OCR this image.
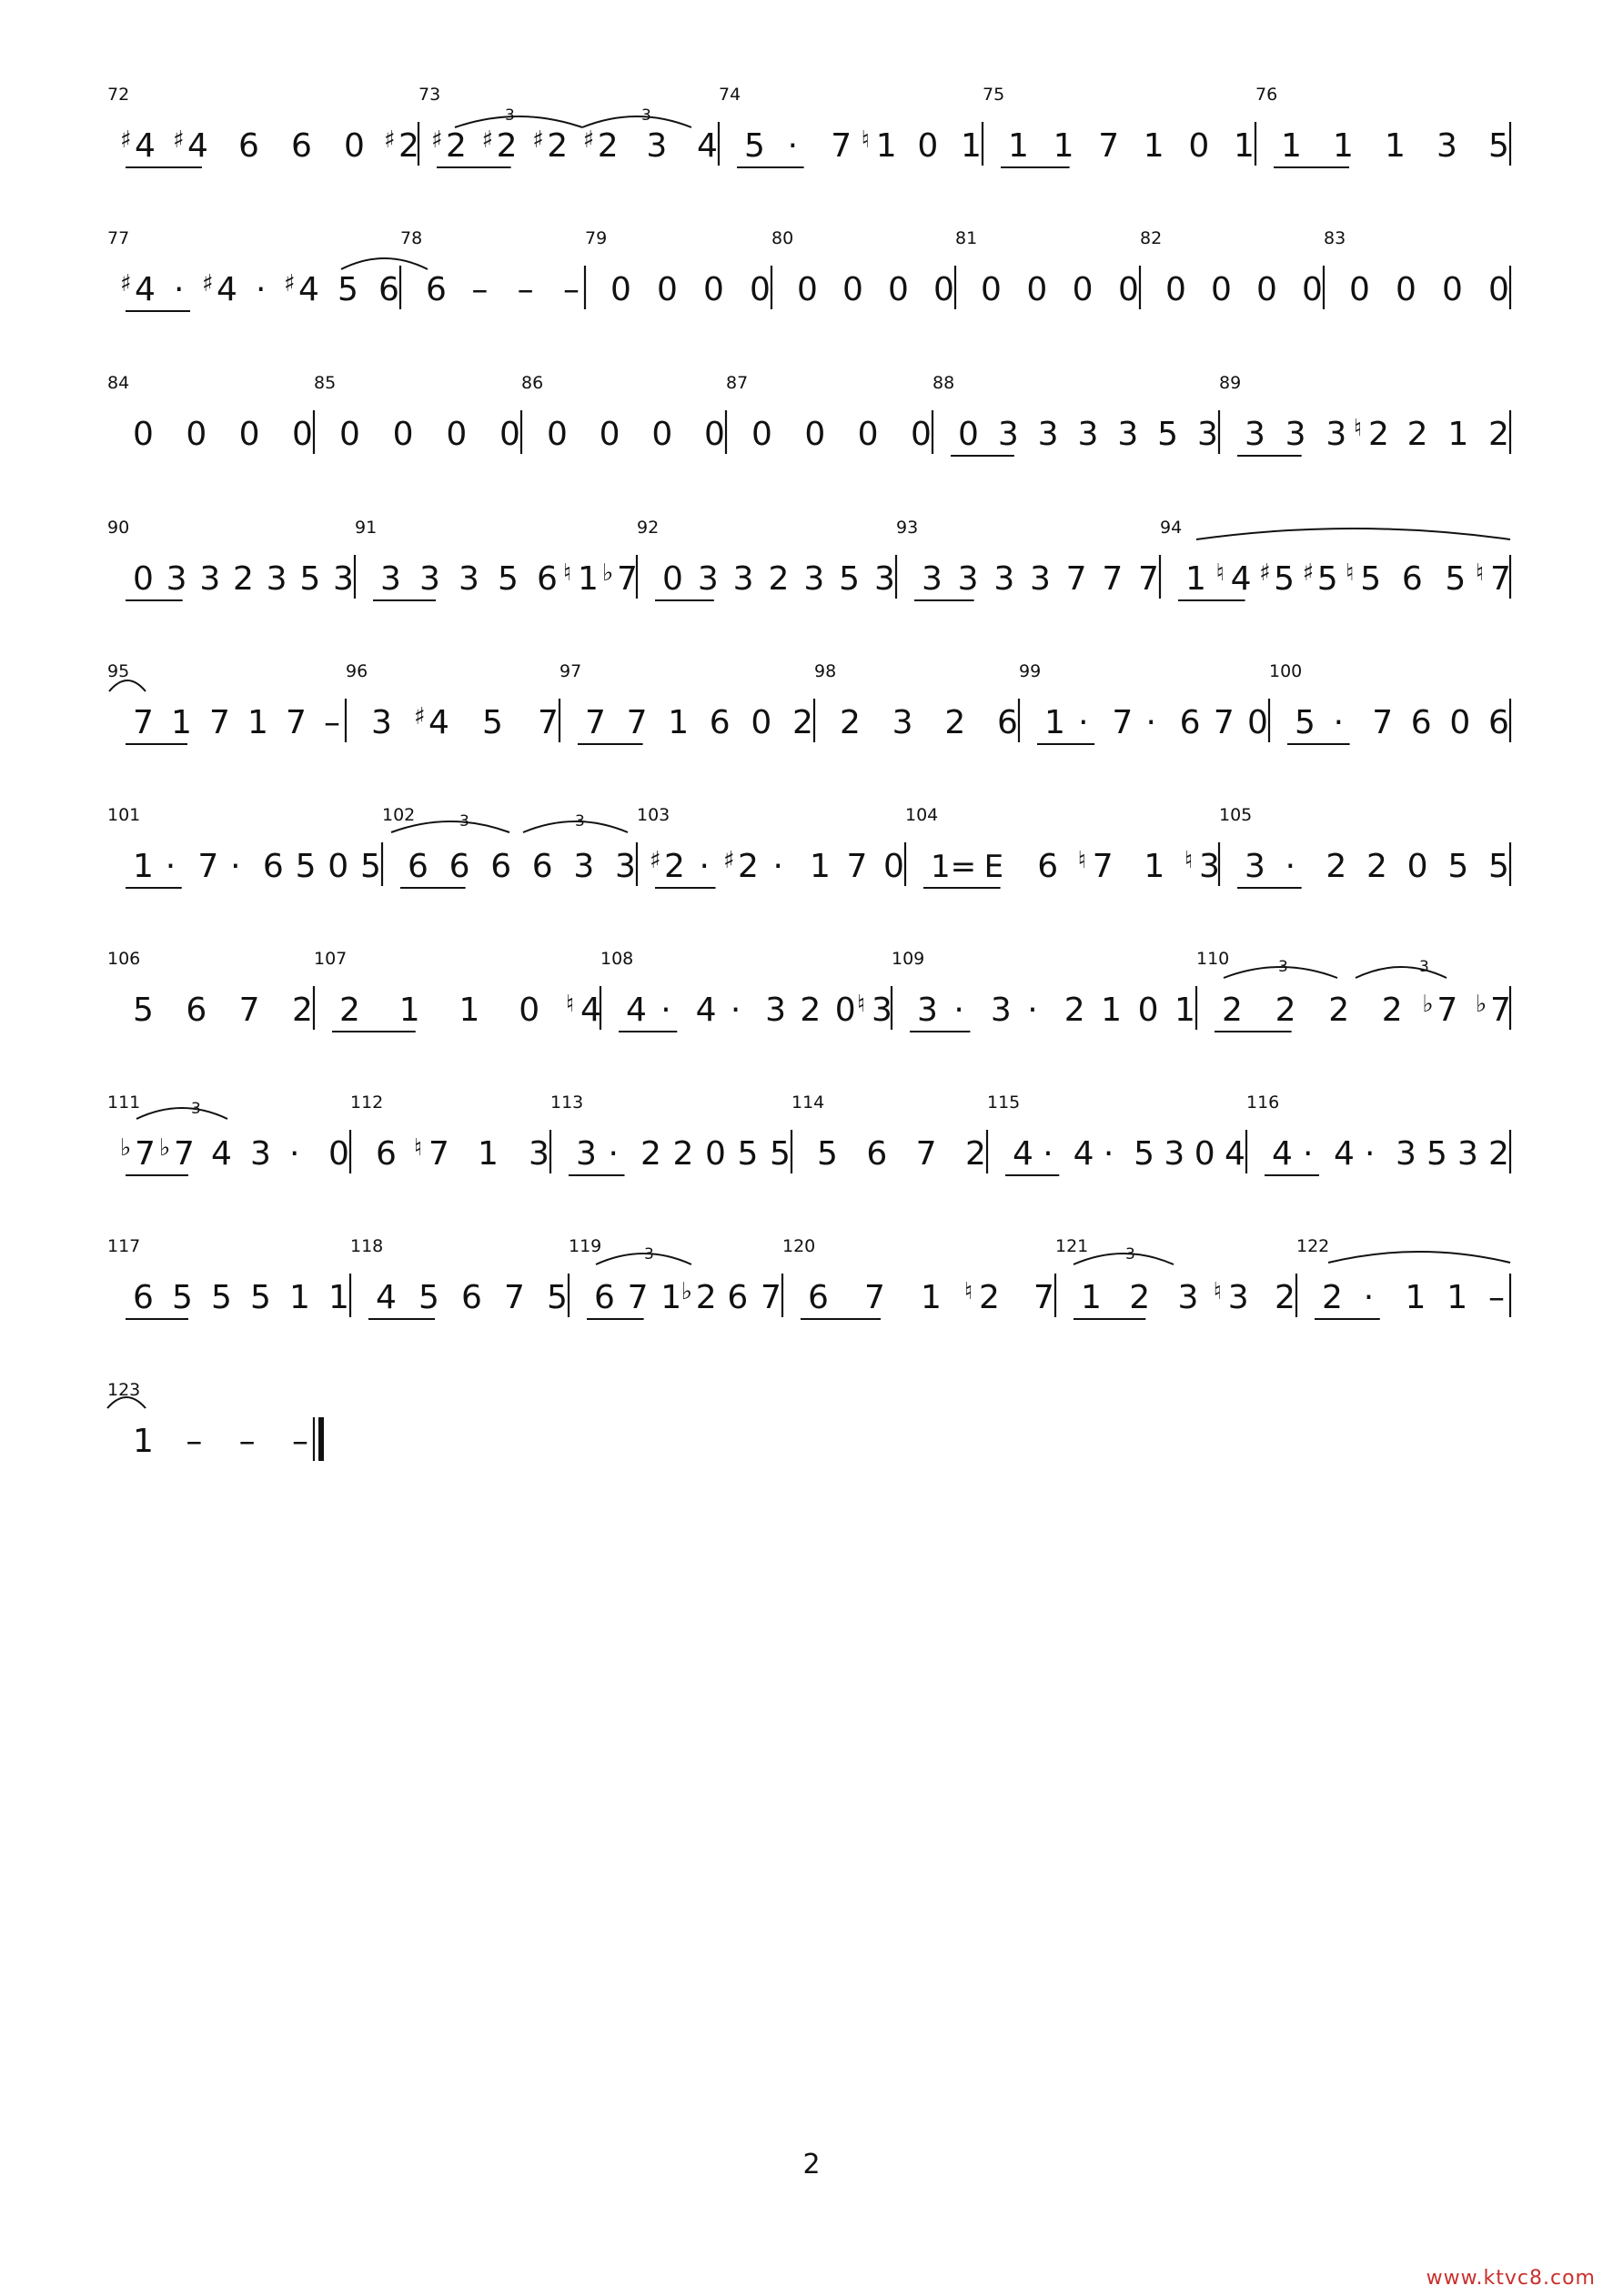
72
♯ 4 ♯ 4 6 6 0 ♯ 2
73
♯ 2 ♯ 2 ♯ 2 ♯ 2 3 4
74
5 · 7 ♮ 1 0 1
75
1 1 7 1 0 1
76
1 1 1 3 5
77
♯ 4 · ♯ 4 · ♯ 4 5 6
78
6 – – –
79
0 0 0 0
80
0 0 0 0
81
0 0 0 0
82
0 0 0 0
83
0 0 0 0
84
0 0 0 0
85
0 0 0 0
86
0 0 0 0
87
0 0 0 0
88
0 3 3 3 3 5 3
89
3 3 3 ♮ 2 2 1 2
90
0 3 3 2 3 5 3
91
3 3 3 5 6 ♮ 1 ♭ 7
92
0 3 3 2 3 5 3
93
3 3 3 3 7 7 7
94
1 ♮ 4 ♯ 5 ♯ 5 ♮ 5 6 5 ♮ 7
95
7 1 7 1 7 –
96
3 ♯ 4 5 7
97
7 7 1 6 0 2
98
2 3 2 6
99
1 · 7 · 6 7 0
100
5 · 7 6 0 6
101
1 · 7 · 6 5 0 5
102
6 6 6 6 3 3
103
♯ 2 · ♯ 2 · 1 7 0
104
1= E 6 ♮ 7 1 ♮ 3
105
3 · 2 2 0 5 5
106
5 6 7 2
107
2 1 1 0 ♮ 4
108
4 · 4 · 3 2 0 ♮ 3
109
3 · 3 · 2 1 0 1
110
2 2 2 2 ♭ 7 ♭ 7
111
♭ 7 ♭ 7 4 3 · 0
112
6 ♮ 7 1 3
113
3 · 2 2 0 5 5
114
5 6 7 2
115
4 · 4 · 5 3 0 4
116
4 · 4 · 3 5 3 2
117
6 5 5 5 1 1
118
4 5 6 7 5
119
6 7 1 ♭ 2 6 7
120
6 7 1 ♮ 2 7
121
1 2 3 ♮ 3 2
122
2 · 1 1 –
123
1 – – –
3	3
3	3
3	3
3
3	3
2
www.ktvc8.com
